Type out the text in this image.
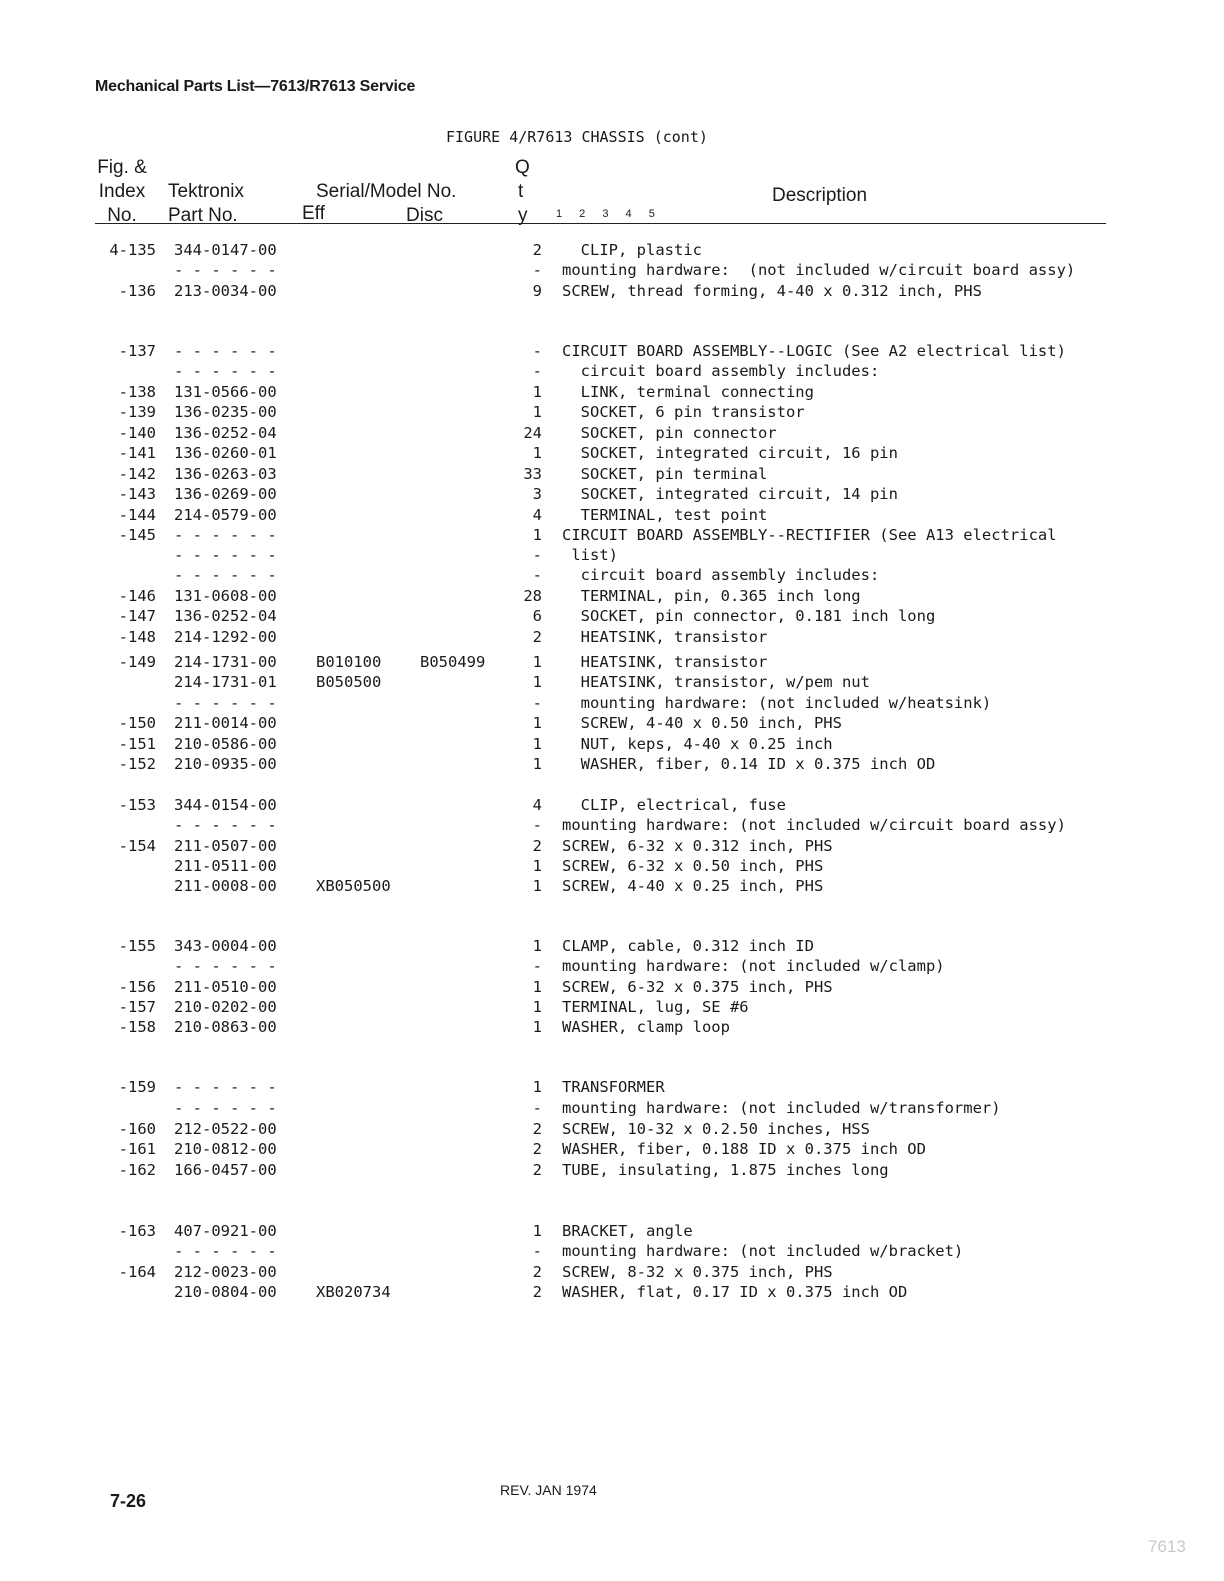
Mechanical Parts List—7613/R7613 Service
FIGURE 4/R7613 CHASSIS (cont)
Fig. &
Index
No.
Tektronix
Part No.
Serial/Model No.
Eff	Disc
Q
t
y	1 2 3 4 5
Description
4-135 344-0147-00	2 CLIP, plastic
- - - - - -	- mounting hardware:  (not included w/circuit board assy)
-136 213-0034-00	9 SCREW, thread forming, 4-40 x 0.312 inch, PHS
-137 - - - - - -	- CIRCUIT BOARD ASSEMBLY--LOGIC (See A2 electrical list)
- - - - - -	- circuit board assembly includes:
-138 131-0566-00	1 LINK, terminal connecting
-139 136-0235-00	1 SOCKET, 6 pin transistor
-140 136-0252-04	24 SOCKET, pin connector
-141 136-0260-01	1 SOCKET, integrated circuit, 16 pin
-142 136-0263-03	33 SOCKET, pin terminal
-143 136-0269-00	3 SOCKET, integrated circuit, 14 pin
-144 214-0579-00	4 TERMINAL, test point
-145 - - - - - -	1 CIRCUIT BOARD ASSEMBLY--RECTIFIER (See A13 electrical
- - - - - -	- list)
- - - - - -	- circuit board assembly includes:
-146 131-0608-00	28 TERMINAL, pin, 0.365 inch long
-147 136-0252-04	6 SOCKET, pin connector, 0.181 inch long
-148 214-1292-00	2 HEATSINK, transistor
-149 214-1731-00	B010100 B050499	1 HEATSINK, transistor
214-1731-01	B050500	1 HEATSINK, transistor, w/pem nut
- - - - - -	- mounting hardware: (not included w/heatsink)
-150 211-0014-00	1 SCREW, 4-40 x 0.50 inch, PHS
-151 210-0586-00	1 NUT, keps, 4-40 x 0.25 inch
-152 210-0935-00	1 WASHER, fiber, 0.14 ID x 0.375 inch OD
-153 344-0154-00	4 CLIP, electrical, fuse
- - - - - -	- mounting hardware: (not included w/circuit board assy)
-154 211-0507-00	2 SCREW, 6-32 x 0.312 inch, PHS
211-0511-00	1 SCREW, 6-32 x 0.50 inch, PHS
211-0008-00	XB050500	1 SCREW, 4-40 x 0.25 inch, PHS
-155 343-0004-00	1 CLAMP, cable, 0.312 inch ID
- - - - - -	- mounting hardware: (not included w/clamp)
-156 211-0510-00	1 SCREW, 6-32 x 0.375 inch, PHS
-157 210-0202-00	1 TERMINAL, lug, SE #6
-158 210-0863-00	1 WASHER, clamp loop
-159 - - - - - -	1 TRANSFORMER
- - - - - -	- mounting hardware: (not included w/transformer)
-160 212-0522-00	2 SCREW, 10-32 x 0.2.50 inches, HSS
-161 210-0812-00	2 WASHER, fiber, 0.188 ID x 0.375 inch OD
-162 166-0457-00	2 TUBE, insulating, 1.875 inches long
-163 407-0921-00	1 BRACKET, angle
- - - - - -	- mounting hardware: (not included w/bracket)
-164 212-0023-00	2 SCREW, 8-32 x 0.375 inch, PHS
210-0804-00	XB020734	2 WASHER, flat, 0.17 ID x 0.375 inch OD
7-26
REV. JAN 1974
7613
